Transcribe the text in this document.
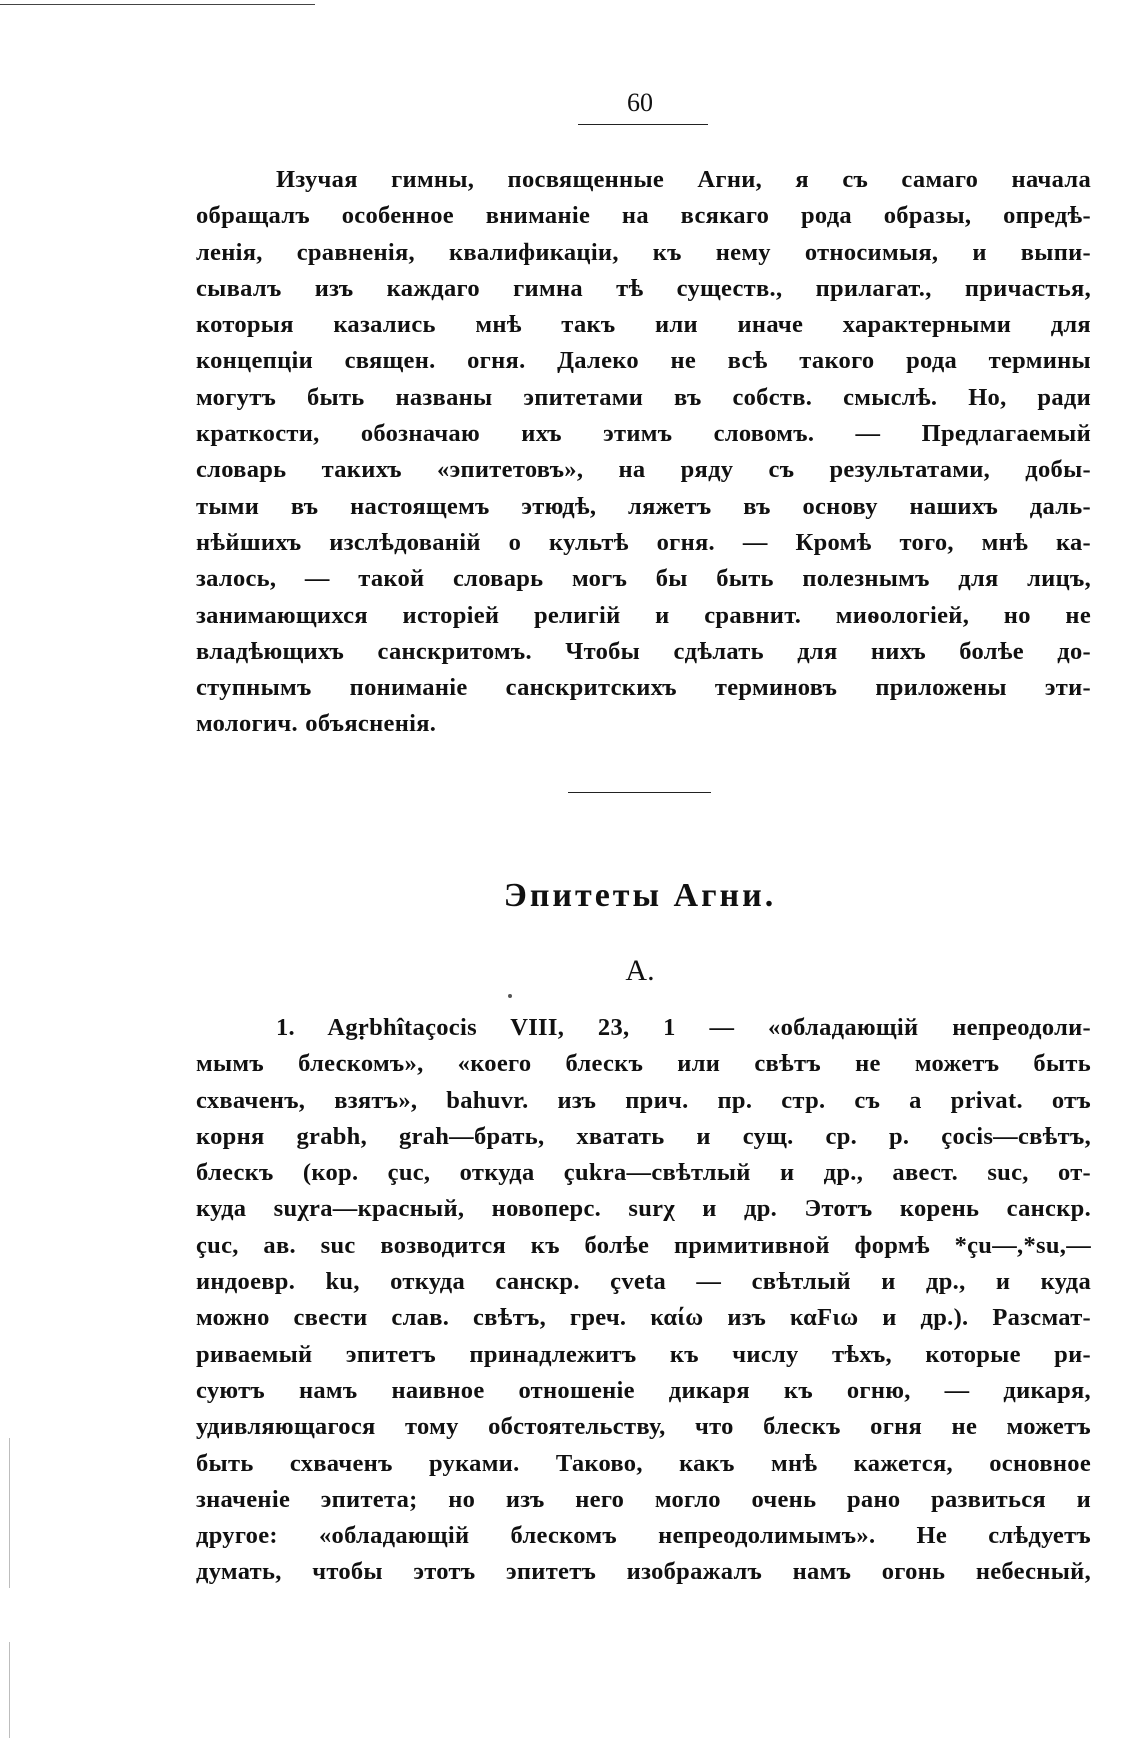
60
Изучая гимны, посвященные Агни, я съ самаго начала
обращалъ особенное вниманіе на всякаго рода образы, опредѣ-
ленія, сравненія, квалификаціи, къ нему относимыя, и выпи-
сывалъ изъ каждаго гимна тѣ существ., прилагат., причастья,
которыя казались мнѣ такъ или иначе характерными для
концепціи священ. огня. Далеко не всѣ такого рода термины
могутъ быть названы эпитетами въ собств. смыслѣ. Но, ради
краткости, обозначаю ихъ этимъ словомъ. — Предлагаемый
словарь такихъ «эпитетовъ», на ряду съ результатами, добы-
тыми въ настоящемъ этюдѣ, ляжетъ въ основу нашихъ даль-
нѣйшихъ изслѣдованій о культѣ огня. — Кромѣ того, мнѣ ка-
залось, — такой словарь могъ бы быть полезнымъ для лицъ,
занимающихся исторіей религій и сравнит. миѳологіей, но не
владѣющихъ санскритомъ. Чтобы сдѣлать для нихъ болѣе до-
ступнымъ пониманіе санскритскихъ терминовъ приложены эти-
мологич. объясненія.
Эпитеты Агни.
А.
1. Agṛbhîtaçocis VIII, 23, 1 — «обладающій непреодоли-
мымъ блескомъ», «коего блескъ или свѣтъ не можетъ быть
схваченъ, взятъ», bahuvr. изъ прич. пр. стр. съ a privat. отъ
корня grabh, grah—брать, хватать и сущ. ср. р. çocis—свѣтъ,
блескъ (кор. çuc, откуда çukra—свѣтлый и др., авест. suc, от-
куда suχra—красный, новоперс. surχ и др. Этотъ корень санскр.
çuc, ав. suc возводится къ болѣе примитивной формѣ *çu—,*su,—
индоевр. ku, откуда санскр. çveta — свѣтлый и др., и куда
можно свести слав. свѣтъ, греч. καίω изъ καFιω и др.). Разсмат-
риваемый эпитетъ принадлежитъ къ числу тѣхъ, которые ри-
суютъ намъ наивное отношеніе дикаря къ огню, — дикаря,
удивляющагося тому обстоятельству, что блескъ огня не можетъ
быть схваченъ руками. Таково, какъ мнѣ кажется, основное
значеніе эпитета; но изъ него могло очень рано развиться и
другое: «обладающій блескомъ непреодолимымъ». Не слѣдуетъ
думать, чтобы этотъ эпитетъ изображалъ намъ огонь небесный,
